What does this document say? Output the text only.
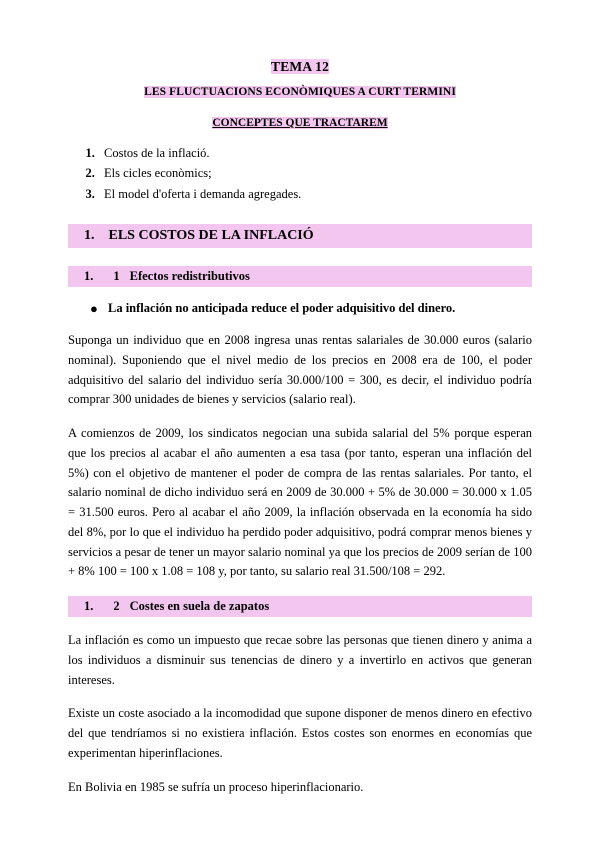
TEMA 12
LES FLUCTUACIONS ECONÒMIQUES A CURT TERMINI
CONCEPTES QUE TRACTAREM
1. Costos de la inflació.
2. Els cicles econòmics;
3. El model d'oferta i demanda agregades.
1. ELS COSTOS DE LA INFLACIÓ
1. 1 Efectos redistributivos
● La inflación no anticipada reduce el poder adquisitivo del dinero.

Suponga un individuo que en 2008 ingresa unas rentas salariales de 30.000 euros (salario nominal). Suponiendo que el nivel medio de los precios en 2008 era de 100, el poder adquisitivo del salario del individuo sería 30.000/100 = 300, es decir, el individuo podría comprar 300 unidades de bienes y servicios (salario real).

A comienzos de 2009, los sindicatos negocian una subida salarial del 5% porque esperan que los precios al acabar el año aumenten a esa tasa (por tanto, esperan una inflación del 5%) con el objetivo de mantener el poder de compra de las rentas salariales. Por tanto, el salario nominal de dicho individuo será en 2009 de 30.000 + 5% de 30.000 = 30.000 x 1.05 = 31.500 euros. Pero al acabar el año 2009, la inflación observada en la economía ha sido del 8%, por lo que el individuo ha perdido poder adquisitivo, podrá comprar menos bienes y servicios a pesar de tener un mayor salario nominal ya que los precios de 2009 serían de 100 + 8% 100 = 100 x 1.08 = 108 y, por tanto, su salario real 31.500/108 = 292.

1. 2 Costes en suela de zapatos

La inflación es como un impuesto que recae sobre las personas que tienen dinero y anima a los individuos a disminuir sus tenencias de dinero y a invertirlo en activos que generan intereses.

Existe un coste asociado a la incomodidad que supone disponer de menos dinero en efectivo del que tendríamos si no existiera inflación. Estos costes son enormes en economías que experimentan hiperinflaciones.

En Bolivia en 1985 se sufría un proceso hiperinflacionario.
